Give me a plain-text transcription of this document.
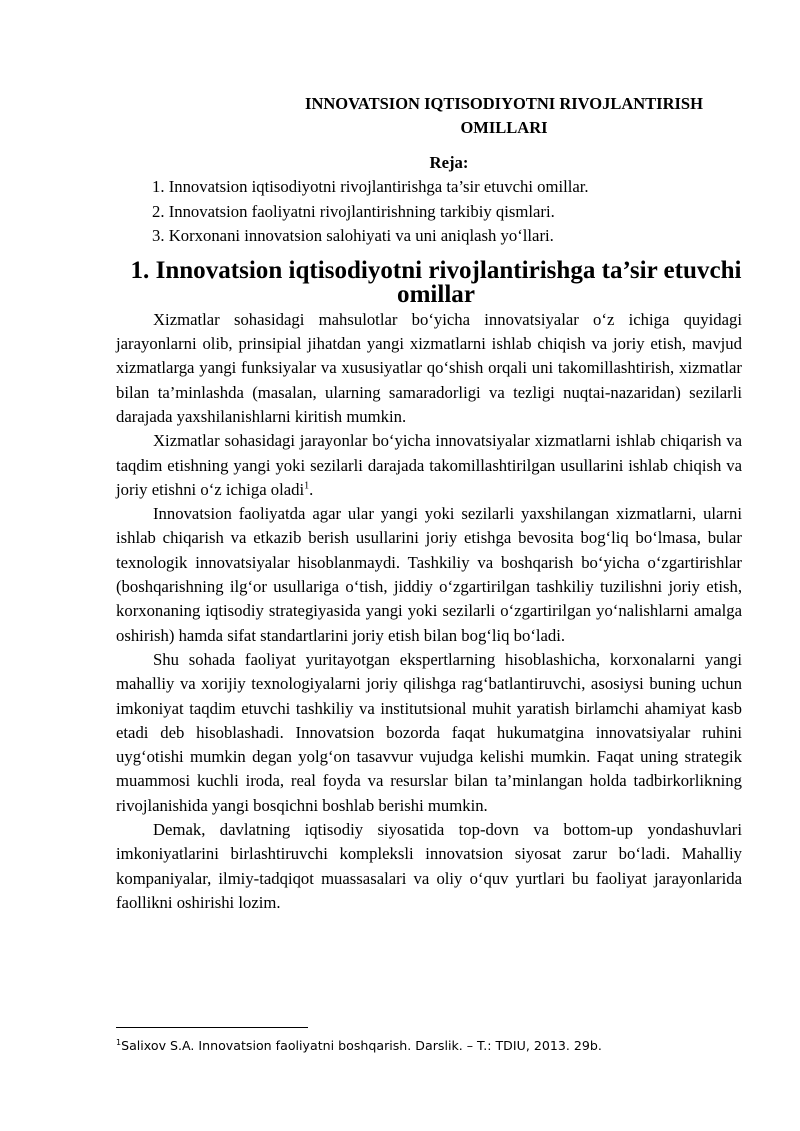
INNOVATSION IQTISODIYOTNI RIVOJLANTIRISH OMILLARI
Reja:
1. Innovatsion iqtisodiyotni rivojlantirishga ta’sir etuvchi omillar.
2. Innovatsion faoliyatni rivojlantirishning tarkibiy qismlari.
3. Korxonani innovatsion salohiyati va uni aniqlash yo‘llari.
1. Innovatsion iqtisodiyotni rivojlantirishga ta’sir etuvchi omillar

Xizmatlar sohasidagi mahsulotlar bo‘yicha innovatsiyalar o‘z ichiga quyidagi jarayonlarni olib, prinsipial jihatdan yangi xizmatlarni ishlab chiqish va joriy etish, mavjud xizmatlarga yangi funksiyalar va xususiyatlar qo‘shish orqali uni takomillashtirish, xizmatlar bilan ta’minlashda (masalan, ularning samaradorligi va tezligi nuqtai-nazaridan) sezilarli darajada yaxshilanishlarni kiritish mumkin.

Xizmatlar sohasidagi jarayonlar bo‘yicha innovatsiyalar xizmatlarni ishlab chiqarish va taqdim etishning yangi yoki sezilarli darajada takomillashtirilgan usullarini ishlab chiqish va joriy etishni o‘z ichiga oladi$^1$.

Innovatsion faoliyatda agar ular yangi yoki sezilarli yaxshilangan xizmatlarni, ularni ishlab chiqarish va etkazib berish usullarini joriy etishga bevosita bog‘liq bo‘lmasa, bular texnologik innovatsiyalar hisoblanmaydi. Tashkiliy va boshqarish bo‘yicha o‘zgartirishlar (boshqarishning ilg‘or usullariga o‘tish, jiddiy o‘zgartirilgan tashkiliy tuzilishni joriy etish, korxonaning iqtisodiy strategiyasida yangi yoki sezilarli o‘zgartirilgan yo‘nalishlarni amalga oshirish) hamda sifat standartlarini joriy etish bilan bog‘liq bo‘ladi.

Shu sohada faoliyat yuritayotgan ekspertlarning hisoblashicha, korxonalarni yangi mahalliy va xorijiy texnologiyalarni joriy qilishga rag‘batlantiruvchi, asosiysi buning uchun imkoniyat taqdim etuvchi tashkiliy va institutsional muhit yaratish birlamchi ahamiyat kasb etadi deb hisoblashadi. Innovatsion bozorda faqat hukumatgina innovatsiyalar ruhini uyg‘otishi mumkin degan yolg‘on tasavvur vujudga kelishi mumkin. Faqat uning strategik muammosi kuchli iroda, real foyda va resurslar bilan ta’minlangan holda tadbirkorlikning rivojlanishida yangi bosqichni boshlab berishi mumkin.

Demak, davlatning iqtisodiy siyosatida top-dovn va bottom-up yondashuvlari imkoniyatlarini birlashtiruvchi kompleksli innovatsion siyosat zarur bo‘ladi. Mahalliy kompaniyalar, ilmiy-tadqiqot muassasalari va oliy o‘quv yurtlari bu faoliyat jarayonlarida faollikni oshirishi lozim.

$^1$Salixov S.A. Innovatsion faoliyatni boshqarish. Darslik. – T.: TDIU, 2013. 29b.
